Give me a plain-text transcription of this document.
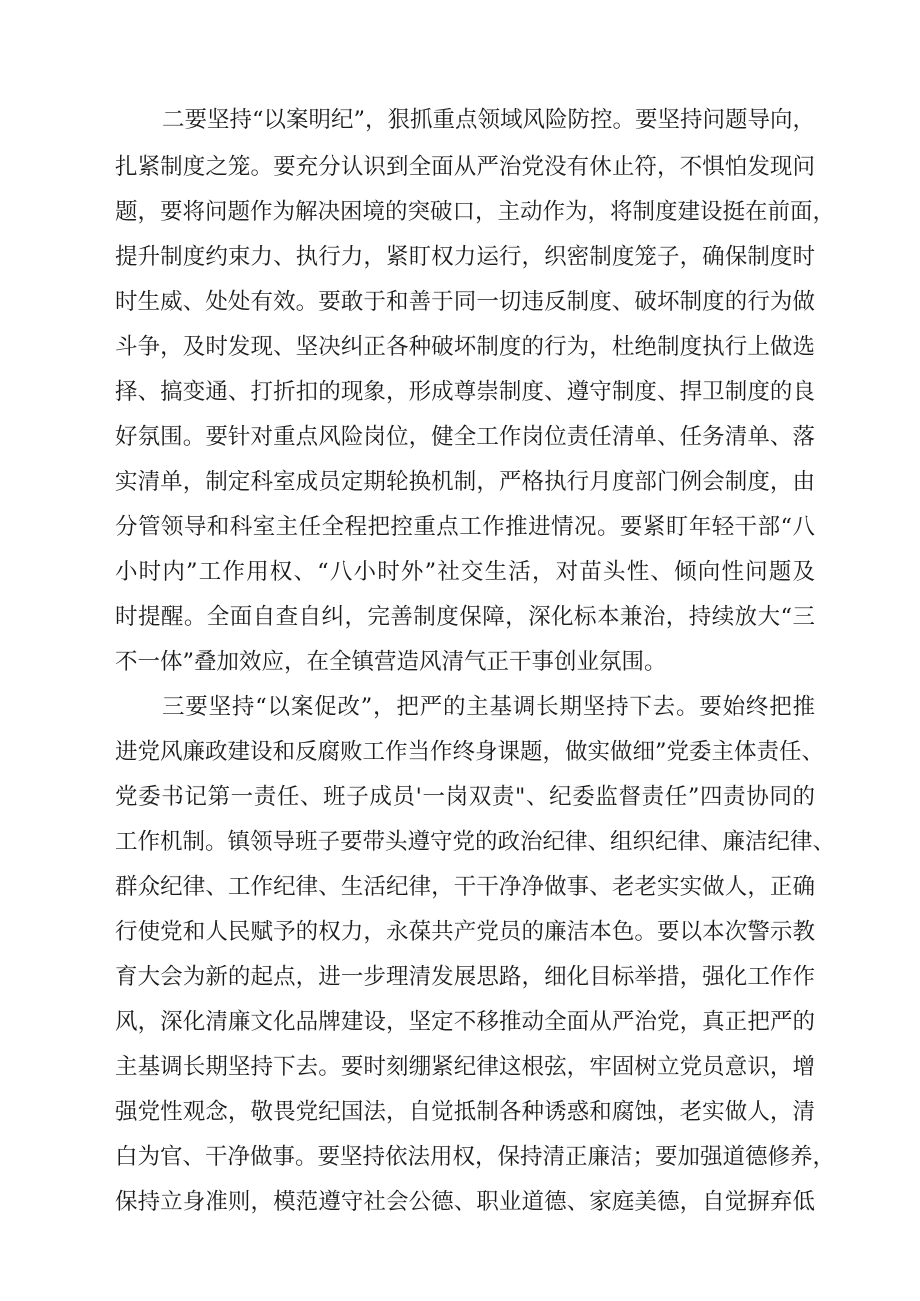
二要坚持“以案明纪”，狠抓重点领域风险防控。要坚持问题导向，
扎紧制度之笼。要充分认识到全面从严治党没有休止符，不惧怕发现问
题，要将问题作为解决困境的突破口，主动作为，将制度建设挺在前面，
提升制度约束力、执行力，紧盯权力运行，织密制度笼子，确保制度时
时生威、处处有效。要敢于和善于同一切违反制度、破坏制度的行为做
斗争，及时发现、坚决纠正各种破坏制度的行为，杜绝制度执行上做选
择、搞变通、打折扣的现象，形成尊崇制度、遵守制度、捍卫制度的良
好氛围。要针对重点风险岗位，健全工作岗位责任清单、任务清单、落
实清单，制定科室成员定期轮换机制，严格执行月度部门例会制度，由
分管领导和科室主任全程把控重点工作推进情况。要紧盯年轻干部“八
小时内”工作用权、“八小时外”社交生活，对苗头性、倾向性问题及
时提醒。全面自查自纠，完善制度保障，深化标本兼治，持续放大“三
不一体”叠加效应，在全镇营造风清气正干事创业氛围。
三要坚持“以案促改”，把严的主基调长期坚持下去。要始终把推
进党风廉政建设和反腐败工作当作终身课题，做实做细”党委主体责任、
党委书记第一责任、班子成员'一岗双责"、纪委监督责任”四责协同的
工作机制。镇领导班子要带头遵守党的政治纪律、组织纪律、廉洁纪律、
群众纪律、工作纪律、生活纪律，干干净净做事、老老实实做人，正确
行使党和人民赋予的权力，永葆共产党员的廉洁本色。要以本次警示教
育大会为新的起点，进一步理清发展思路，细化目标举措，强化工作作
风，深化清廉文化品牌建设，坚定不移推动全面从严治党，真正把严的
主基调长期坚持下去。要时刻绷紧纪律这根弦，牢固树立党员意识，增
强党性观念，敬畏党纪国法，自觉抵制各种诱惑和腐蚀，老实做人，清
白为官、干净做事。要坚持依法用权，保持清正廉洁；要加强道德修养，
保持立身准则，模范遵守社会公德、职业道德、家庭美德，自觉摒弃低
